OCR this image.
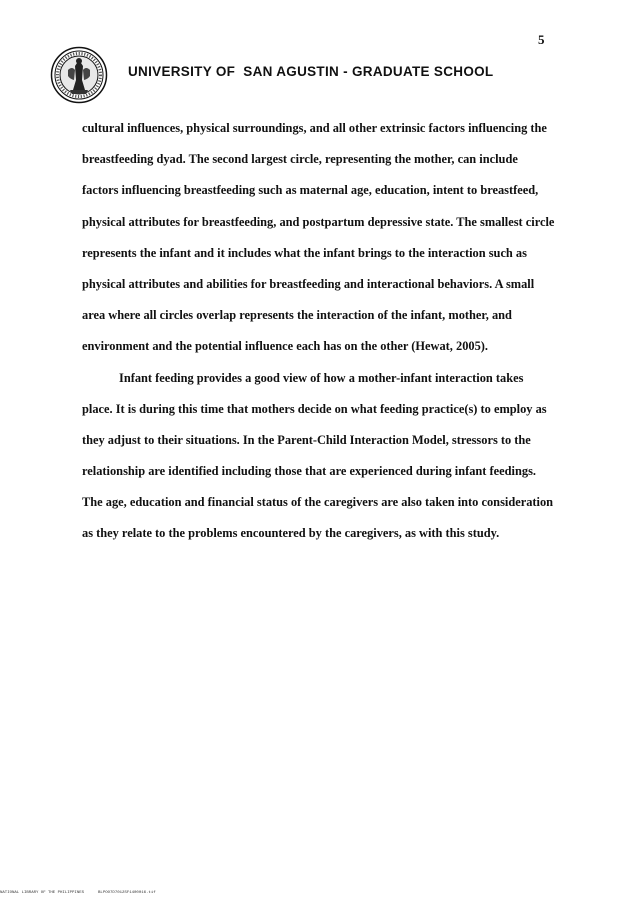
5
UNIVERSITY OF  SAN AGUSTIN - GRADUATE SCHOOL
cultural influences, physical surroundings, and all other extrinsic factors influencing the
breastfeeding dyad. The second largest circle, representing the mother, can include
factors influencing breastfeeding such as maternal age, education, intent to breastfeed,
physical attributes for breastfeeding, and postpartum depressive state. The smallest circle
represents the infant and it includes what the infant brings to the interaction such as
physical attributes and abilities for breastfeeding and interactional behaviors. A small
area where all circles overlap represents the interaction of the infant, mother, and
environment and the potential influence each has on the other (Hewat, 2005).
Infant feeding provides a good view of how a mother-infant interaction takes
place. It is during this time that mothers decide on what feeding practice(s) to employ as
they adjust to their situations. In the Parent-Child Interaction Model, stressors to the
relationship are identified including those that are experienced during infant feedings.
The age, education and financial status of the caregivers are also taken into consideration
as they relate to the problems encountered by the caregivers, as with this study.
NATIONAL LIBRARY OF THE PHILIPPINES	BLPOO7D7012SF1400016.tif
